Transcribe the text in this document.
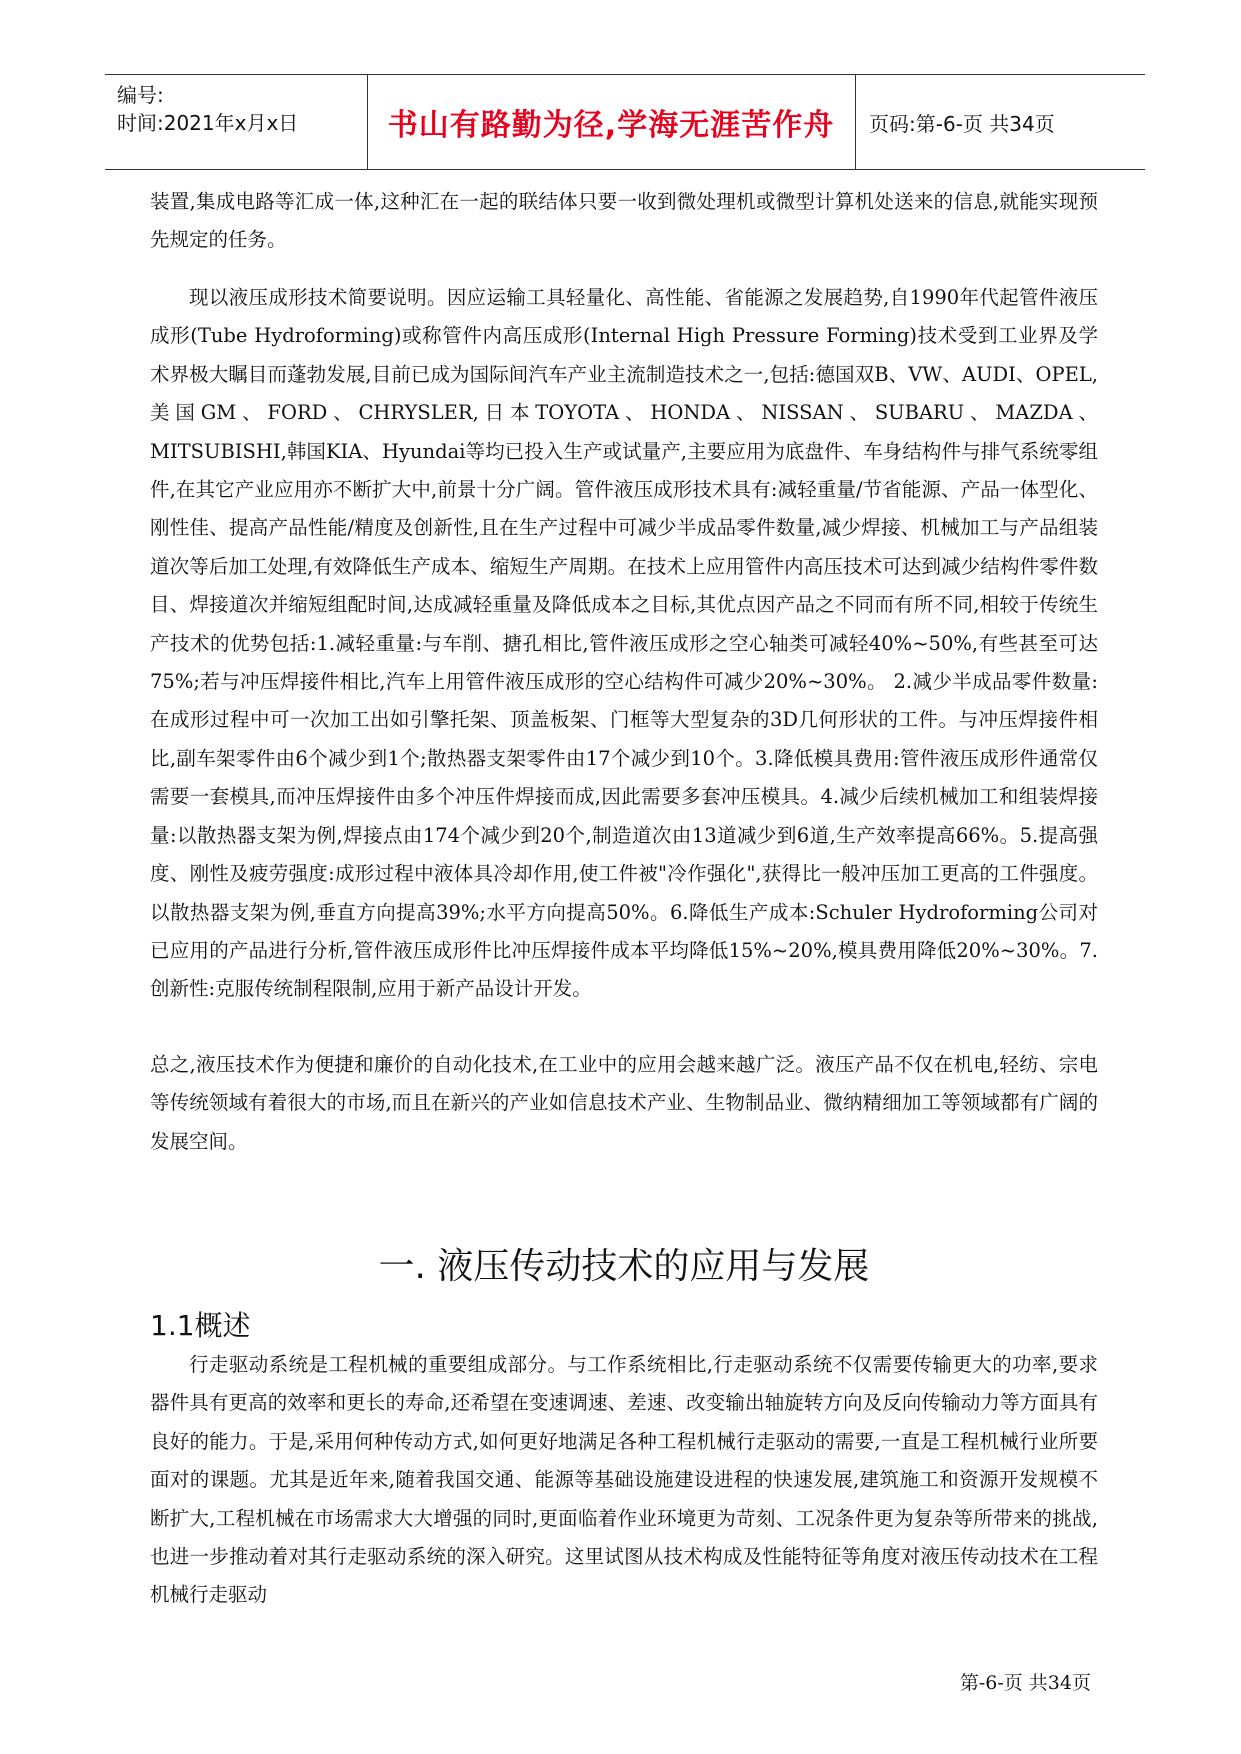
编号:
时间:2021年x月x日	书山有路勤为径,学海无涯苦作舟	页码:第-6-页 共34页

装置,集成电路等汇成一体,这种汇在一起的联结体只要一收到微处理机或微型计算机处送来的信息,就能实现预先规定的任务。

现以液压成形技术简要说明。因应运输工具轻量化、高性能、省能源之发展趋势,自1990年代起管件液压成形(Tube Hydroforming)或称管件内高压成形(Internal High Pressure Forming)技术受到工业界及学术界极大瞩目而蓬勃发展,目前已成为国际间汽车产业主流制造技术之一,包括:德国双B、VW、AUDI、OPEL,美国GM、FORD、CHRYSLER,日本TOYOTA、HONDA、NISSAN、SUBARU、MAZDA、MITSUBISHI,韩国KIA、Hyundai等均已投入生产或试量产,主要应用为底盘件、车身结构件与排气系统零组件,在其它产业应用亦不断扩大中,前景十分广阔。管件液压成形技术具有:减轻重量/节省能源、产品一体型化、刚性佳、提高产品性能/精度及创新性,且在生产过程中可减少半成品零件数量,减少焊接、机械加工与产品组装道次等后加工处理,有效降低生产成本、缩短生产周期。在技术上应用管件内高压技术可达到减少结构件零件数目、焊接道次并缩短组配时间,达成减轻重量及降低成本之目标,其优点因产品之不同而有所不同,相较于传统生产技术的优势包括:1.减轻重量:与车削、搪孔相比,管件液压成形之空心轴类可减轻40%~50%,有些甚至可达75%;若与冲压焊接件相比,汽车上用管件液压成形的空心结构件可减少20%~30%。 2.减少半成品零件数量:在成形过程中可一次加工出如引擎托架、顶盖板架、门框等大型复杂的3D几何形状的工件。与冲压焊接件相比,副车架零件由6个减少到1个;散热器支架零件由17个减少到10个。3.降低模具费用:管件液压成形件通常仅需要一套模具,而冲压焊接件由多个冲压件焊接而成,因此需要多套冲压模具。4.减少后续机械加工和组装焊接量:以散热器支架为例,焊接点由174个减少到20个,制造道次由13道减少到6道,生产效率提高66%。5.提高强度、刚性及疲劳强度:成形过程中液体具冷却作用,使工件被"冷作强化",获得比一般冲压加工更高的工件强度。以散热器支架为例,垂直方向提高39%;水平方向提高50%。6.降低生产成本:Schuler Hydroforming公司对已应用的产品进行分析,管件液压成形件比冲压焊接件成本平均降低15%~20%,模具费用降低20%~30%。7. 创新性:克服传统制程限制,应用于新产品设计开发。

总之,液压技术作为便捷和廉价的自动化技术,在工业中的应用会越来越广泛。液压产品不仅在机电,轻纺、宗电等传统领域有着很大的市场,而且在新兴的产业如信息技术产业、生物制品业、微纳精细加工等领域都有广阔的发展空间。

一. 液压传动技术的应用与发展
1.1概述

行走驱动系统是工程机械的重要组成部分。与工作系统相比,行走驱动系统不仅需要传输更大的功率,要求器件具有更高的效率和更长的寿命,还希望在变速调速、差速、改变输出轴旋转方向及反向传输动力等方面具有良好的能力。于是,采用何种传动方式,如何更好地满足各种工程机械行走驱动的需要,一直是工程机械行业所要面对的课题。尤其是近年来,随着我国交通、能源等基础设施建设进程的快速发展,建筑施工和资源开发规模不断扩大,工程机械在市场需求大大增强的同时,更面临着作业环境更为苛刻、工况条件更为复杂等所带来的挑战,也进一步推动着对其行走驱动系统的深入研究。这里试图从技术构成及性能特征等角度对液压传动技术在工程机械行走驱动

第-6-页 共34页
